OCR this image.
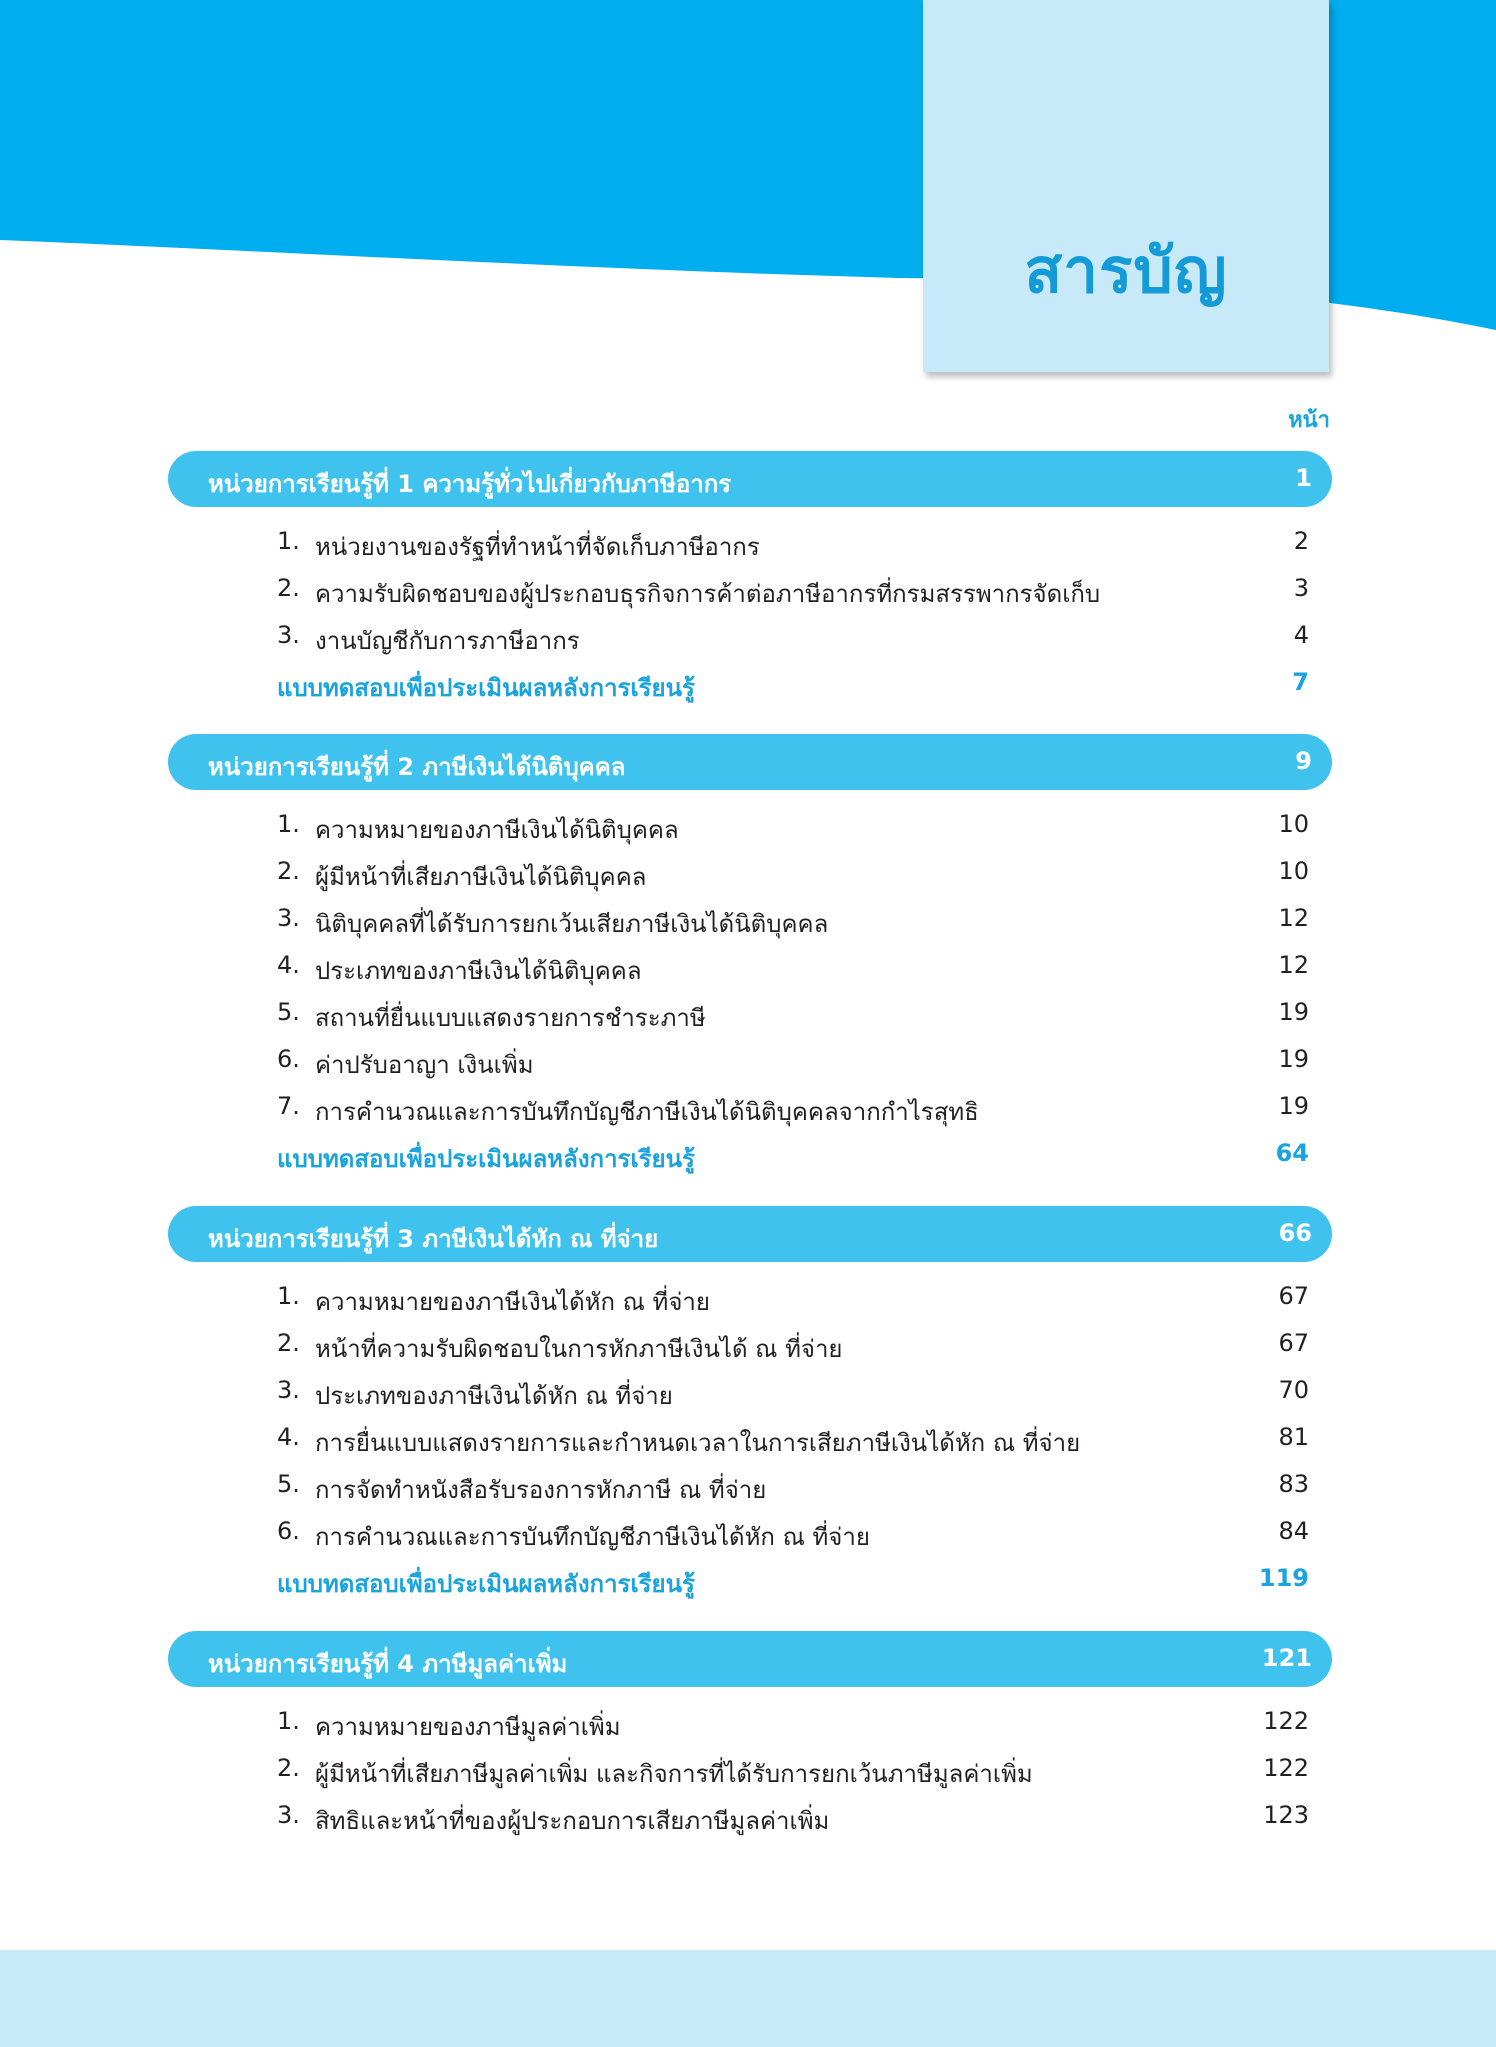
สารบัญ
หน้า
หน่วยการเรียนรู้ที่ 1 ความรู้ทั่วไปเกี่ยวกับภาษีอากร	1
1. หน่วยงานของรัฐที่ทำหน้าที่จัดเก็บภาษีอากร	2
2. ความรับผิดชอบของผู้ประกอบธุรกิจการค้าต่อภาษีอากรที่กรมสรรพากรจัดเก็บ	3
3. งานบัญชีกับการภาษีอากร	4
แบบทดสอบเพื่อประเมินผลหลังการเรียนรู้	7
หน่วยการเรียนรู้ที่ 2 ภาษีเงินได้นิติบุคคล	9
1. ความหมายของภาษีเงินได้นิติบุคคล	10
2. ผู้มีหน้าที่เสียภาษีเงินได้นิติบุคคล	10
3. นิติบุคคลที่ได้รับการยกเว้นเสียภาษีเงินได้นิติบุคคล	12
4. ประเภทของภาษีเงินได้นิติบุคคล	12
5. สถานที่ยื่นแบบแสดงรายการชำระภาษี	19
6. ค่าปรับอาญา เงินเพิ่ม	19
7. การคำนวณและการบันทึกบัญชีภาษีเงินได้นิติบุคคลจากกำไรสุทธิ	19
แบบทดสอบเพื่อประเมินผลหลังการเรียนรู้	64
หน่วยการเรียนรู้ที่ 3 ภาษีเงินได้หัก ณ ที่จ่าย	66
1. ความหมายของภาษีเงินได้หัก ณ ที่จ่าย	67
2. หน้าที่ความรับผิดชอบในการหักภาษีเงินได้ ณ ที่จ่าย	67
3. ประเภทของภาษีเงินได้หัก ณ ที่จ่าย	70
4. การยื่นแบบแสดงรายการและกำหนดเวลาในการเสียภาษีเงินได้หัก ณ ที่จ่าย	81
5. การจัดทำหนังสือรับรองการหักภาษี ณ ที่จ่าย	83
6. การคำนวณและการบันทึกบัญชีภาษีเงินได้หัก ณ ที่จ่าย	84
แบบทดสอบเพื่อประเมินผลหลังการเรียนรู้	119
หน่วยการเรียนรู้ที่ 4 ภาษีมูลค่าเพิ่ม	121
1. ความหมายของภาษีมูลค่าเพิ่ม	122
2. ผู้มีหน้าที่เสียภาษีมูลค่าเพิ่ม และกิจการที่ได้รับการยกเว้นภาษีมูลค่าเพิ่ม	122
3. สิทธิและหน้าที่ของผู้ประกอบการเสียภาษีมูลค่าเพิ่ม	123
